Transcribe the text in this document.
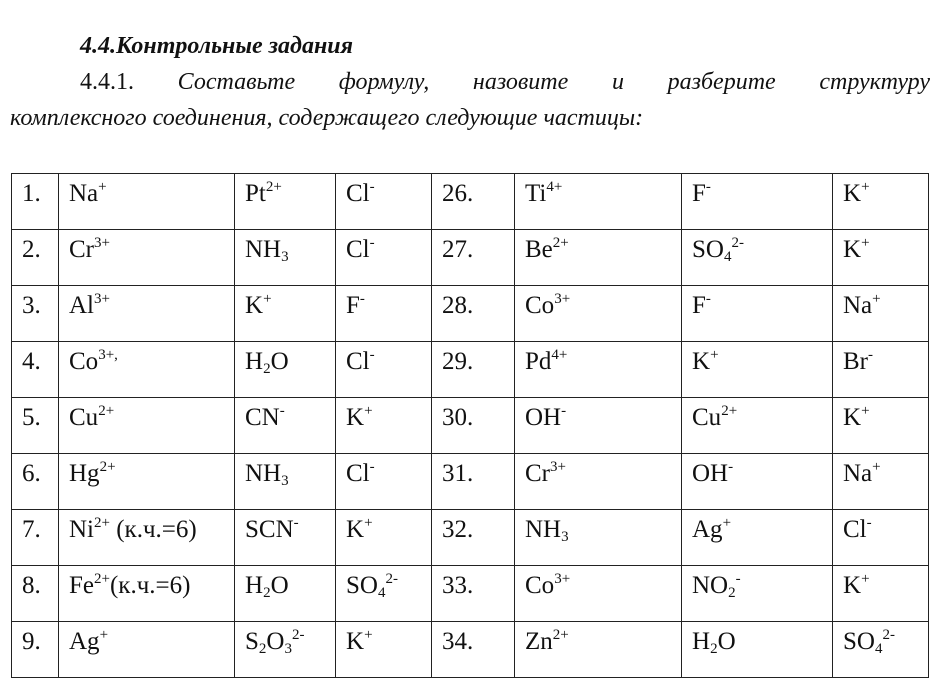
4.4.Контрольные задания
4.4.1. Составьте формулу, назовите и разберите структуру
комплексного соединения, содержащего следующие частицы:
1.	Na+	$Pt^{2+}$	Cl-	26.	$Ti^{4+}$	F-	K+
2.	$Cr^{3+}$	$NH_3$	Cl-	27.	$Be^{2+}$	$SO_4^{2-}$	K+
3.	$Al^{3+}$	K+	F-	28.	$Co^{3+}$	F-	Na+
4.	$Co^{3+,}$	$H_2O$	Cl-	29.	$Pd^{4+}$	K+	Br-
5.	$Cu^{2+}$	CN-	K+	30.	OH-	$Cu^{2+}$	K+
6.	$Hg^{2+}$	$NH_3$	Cl-	31.	$Cr^{3+}$	OH-	Na+
7.	$Ni^{2+}$ (к.ч.=6)	SCN-	K+	32.	$NH_3$	Ag+	Cl-
8.	$Fe^{2+}(к.ч.=6)$	$H_2O$	$SO_4^{2-}$	33.	$Co^{3+}$	$NO_2^-$	K+
9.	Ag+	$S_2O_3^{2-}$	K+	34.	$Zn^{2+}$	$H_2O$	$SO_4^{2-}$
